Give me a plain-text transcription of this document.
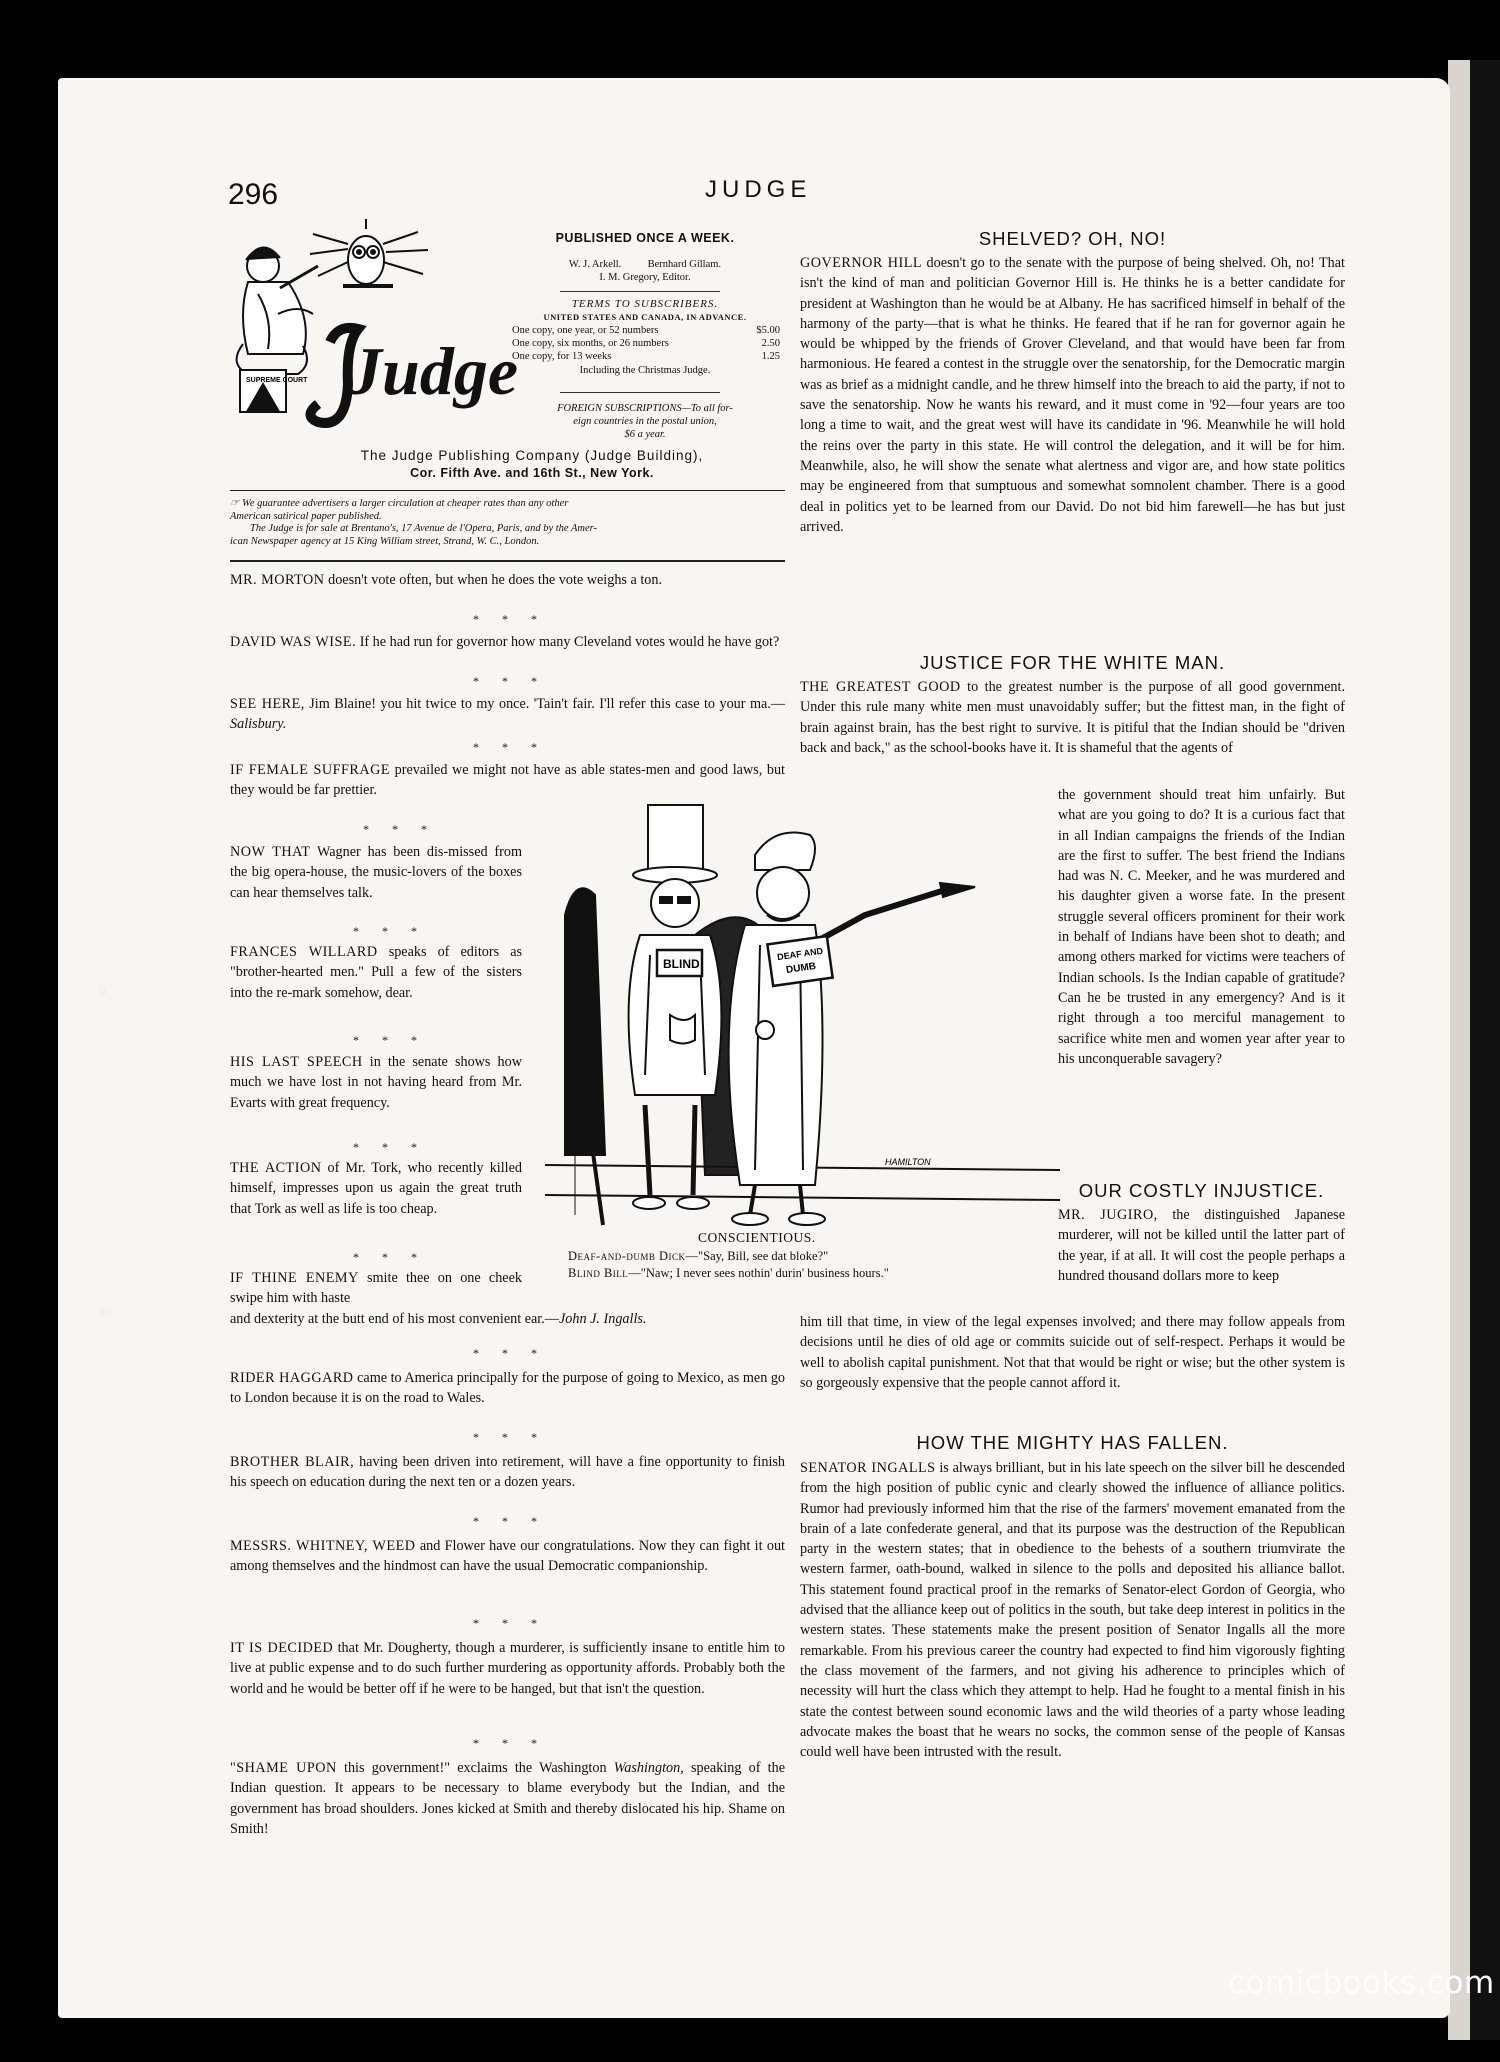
296	JUDGE
SUPREME COURT Judge
PUBLISHED ONCE A WEEK.
W. J. Arkell.          Bernhard Gillam.
I. M. Gregory, Editor.
TERMS TO SUBSCRIBERS.
UNITED STATES AND CANADA, IN ADVANCE.
One copy, one year, or 52 numbers	$5.00
One copy, six months, or 26 numbers	2.50
One copy, for 13 weeks	1.25
Including the Christmas Judge.
FOREIGN SUBSCRIPTIONS—To all for-
eign countries in the postal union,
$6 a year.
The Judge Publishing Company (Judge Building),
Cor. Fifth Ave. and 16th St., New York.
☞ We guarantee advertisers a larger circulation at cheaper rates than any other
American satirical paper published.
The Judge is for sale at Brentano's, 17 Avenue de l'Opera, Paris, and by the Amer-
ican Newspaper agency at 15 King William street, Strand, W. C., London.

MR. MORTON doesn't vote often, but when he does the vote weighs a ton.

* * *

DAVID WAS WISE. If he had run for governor how many Cleveland votes would he have got?

* * *

SEE HERE, Jim Blaine! you hit twice to my once. 'Tain't fair. I'll refer this case to your ma.—Salisbury.

* * *

IF FEMALE SUFFRAGE prevailed we might not have as able states-men and good laws, but they would be far prettier.

* * *

NOW THAT Wagner has been dis-missed from the big opera-house, the music-lovers of the boxes can hear themselves talk.

* * *

FRANCES WILLARD speaks of editors as "brother-hearted men." Pull a few of the sisters into the re-mark somehow, dear.

* * *

HIS LAST SPEECH in the senate shows how much we have lost in not having heard from Mr. Evarts with great frequency.

* * *

THE ACTION of Mr. Tork, who recently killed himself, impresses upon us again the great truth that Tork as well as life is too cheap.

* * *

IF THINE ENEMY smite thee on one cheek swipe him with haste

and dexterity at the butt end of his most convenient ear.—John J. Ingalls.

* * *

RIDER HAGGARD came to America principally for the purpose of going to Mexico, as men go to London because it is on the road to Wales.

* * *

BROTHER BLAIR, having been driven into retirement, will have a fine opportunity to finish his speech on education during the next ten or a dozen years.

* * *

MESSRS. WHITNEY, WEED and Flower have our congratulations. Now they can fight it out among themselves and the hindmost can have the usual Democratic companionship.

* * *

IT IS DECIDED that Mr. Dougherty, though a murderer, is sufficiently insane to entitle him to live at public expense and to do such further murdering as opportunity affords. Probably both the world and he would be better off if he were to be hanged, but that isn't the question.

* * *

"SHAME UPON this government!" exclaims the Washington Washington, speaking of the Indian question. It appears to be necessary to blame everybody but the Indian, and the government has broad shoulders. Jones kicked at Smith and thereby dislocated his hip. Shame on Smith!

SHELVED? OH, NO!

GOVERNOR HILL doesn't go to the senate with the purpose of being shelved. Oh, no! That isn't the kind of man and politician Governor Hill is. He thinks he is a better candidate for president at Washington than he would be at Albany. He has sacrificed himself in behalf of the harmony of the party—that is what he thinks. He feared that if he ran for governor again he would be whipped by the friends of Grover Cleveland, and that would have been far from harmonious. He feared a contest in the struggle over the senatorship, for the Democratic margin was as brief as a midnight candle, and he threw himself into the breach to aid the party, if not to save the senatorship. Now he wants his reward, and it must come in '92—four years are too long a time to wait, and the great west will have its candidate in '96. Meanwhile he will hold the reins over the party in this state. He will control the delegation, and it will be for him. Meanwhile, also, he will show the senate what alertness and vigor are, and how state politics may be engineered from that sumptuous and somewhat somnolent chamber. There is a good deal in politics yet to be learned from our David. Do not bid him farewell—he has but just arrived.

JUSTICE FOR THE WHITE MAN.

THE GREATEST GOOD to the greatest number is the purpose of all good government. Under this rule many white men must unavoidably suffer; but the fittest man, in the fight of brain against brain, has the best right to survive. It is pitiful that the Indian should be "driven back and back," as the school-books have it. It is shameful that the agents of

the government should treat him unfairly. But what are you going to do? It is a curious fact that in all Indian campaigns the friends of the Indian are the first to suffer. The best friend the Indians had was N. C. Meeker, and he was murdered and his daughter given a worse fate. In the present struggle several officers prominent for their work in behalf of Indians have been shot to death; and among others marked for victims were teachers of Indian schools. Is the Indian capable of gratitude? Can he be trusted in any emergency? And is it right through a too merciful management to sacrifice white men and women year after year to his unconquerable savagery?

OUR COSTLY INJUSTICE.

MR. JUGIRO, the distinguished Japanese murderer, will not be killed until the latter part of the year, if at all. It will cost the people perhaps a hundred thousand dollars more to keep

him till that time, in view of the legal expenses involved; and there may follow appeals from decisions until he dies of old age or commits suicide out of self-respect. Perhaps it would be well to abolish capital punishment. Not that that would be right or wise; but the other system is so gorgeously expensive that the people cannot afford it.

HOW THE MIGHTY HAS FALLEN.

SENATOR INGALLS is always brilliant, but in his late speech on the silver bill he descended from the high position of public cynic and clearly showed the influence of alliance politics. Rumor had previously informed him that the rise of the farmers' movement emanated from the brain of a late confederate general, and that its purpose was the destruction of the Republican party in the western states; that in obedience to the behests of a southern triumvirate the western farmer, oath-bound, walked in silence to the polls and deposited his alliance ballot. This statement found practical proof in the remarks of Senator-elect Gordon of Georgia, who advised that the alliance keep out of politics in the south, but take deep interest in politics in the western states. These statements make the present position of Senator Ingalls all the more remarkable. From his previous career the country had expected to find him vigorously fighting the class movement of the farmers, and not giving his adherence to principles which of necessity will hurt the class which they attempt to help. Had he fought to a mental finish in his state the contest between sound economic laws and the wild theories of a party whose leading advocate makes the boast that he wears no socks, the common sense of the people of Kansas could well have been intrusted with the result.

BLIND
DEAF AND
DUMB
HAMILTON
CONSCIENTIOUS.
Deaf-and-dumb Dick—"Say, Bill, see dat bloke?"
Blind Bill—"Naw; I never sees nothin' durin' business hours."
comicbooks.com
